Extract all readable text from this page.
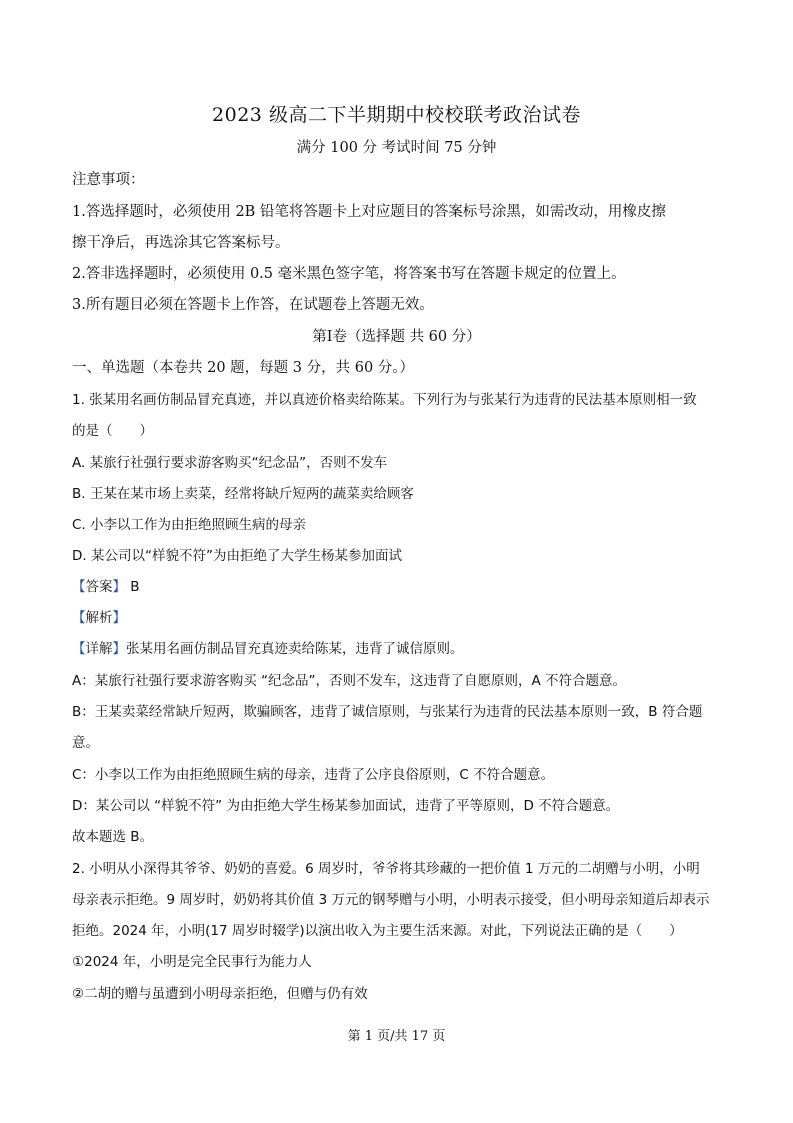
2023 级高二下半期期中校校联考政治试卷
满分 100 分 考试时间 75 分钟
注意事项：
1.答选择题时，必须使用 2B 铅笔将答题卡上对应题目的答案标号涂黑，如需改动，用橡皮擦
擦干净后，再选涂其它答案标号。
2.答非选择题时，必须使用 0.5 毫米黑色签字笔，将答案书写在答题卡规定的位置上。
3.所有题目必须在答题卡上作答，在试题卷上答题无效。
第Ⅰ卷（选择题 共 60 分）
一、单选题（本卷共 20 题，每题 3 分，共 60 分。）
1. 张某用名画仿制品冒充真迹，并以真迹价格卖给陈某。下列行为与张某行为违背的民法基本原则相一致
的是（　　）
A. 某旅行社强行要求游客购买“纪念品”，否则不发车
B. 王某在某市场上卖菜，经常将缺斤短两的蔬菜卖给顾客
C. 小李以工作为由拒绝照顾生病的母亲
D. 某公司以“样貌不符”为由拒绝了大学生杨某参加面试
【答案】 B
【解析】
【详解】张某用名画仿制品冒充真迹卖给陈某，违背了诚信原则。
A：某旅行社强行要求游客购买 “纪念品”，否则不发车，这违背了自愿原则，A 不符合题意。
B：王某卖菜经常缺斤短两，欺骗顾客，违背了诚信原则，与张某行为违背的民法基本原则一致，B 符合题
意。
C：小李以工作为由拒绝照顾生病的母亲，违背了公序良俗原则，C 不符合题意。
D：某公司以 “样貌不符” 为由拒绝大学生杨某参加面试，违背了平等原则，D 不符合题意。
故本题选 B。
2. 小明从小深得其爷爷、奶奶的喜爱。6 周岁时，爷爷将其珍藏的一把价值 1 万元的二胡赠与小明，小明
母亲表示拒绝。9 周岁时，奶奶将其价值 3 万元的钢琴赠与小明，小明表示接受，但小明母亲知道后却表示
拒绝。2024 年，小明(17 周岁时辍学)以演出收入为主要生活来源。对此，下列说法正确的是（　　）
①2024 年，小明是完全民事行为能力人
②二胡的赠与虽遭到小明母亲拒绝，但赠与仍有效
第 1 页/共 17 页
